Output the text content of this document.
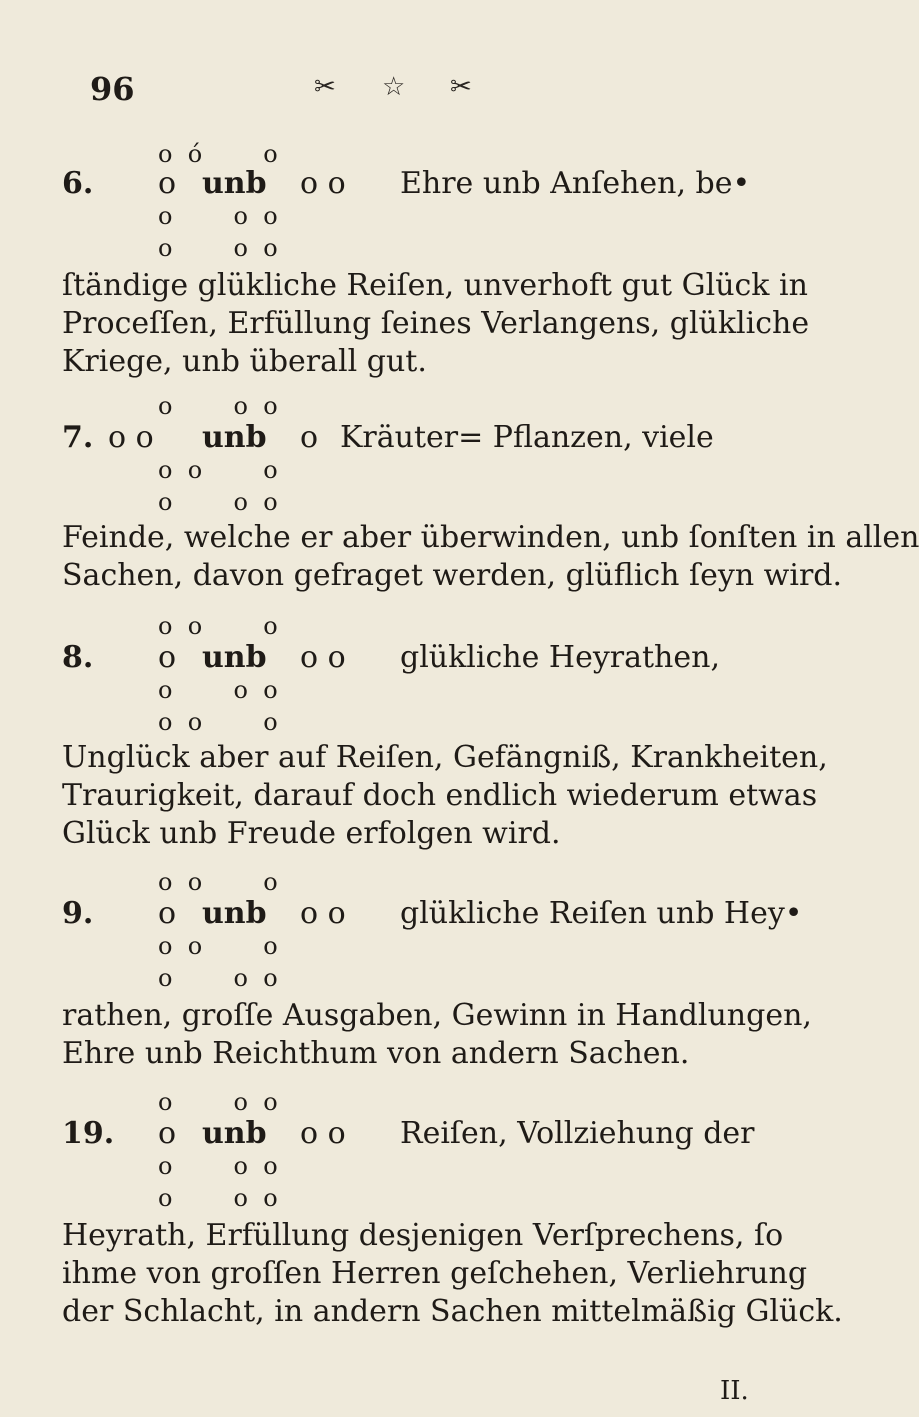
96	✂ ☆ ✂
o  ó        o
6. o unb o o Ehre unb Anſehen, be•
o        o  o
o        o  o
ſtändige glükliche Reiſen, unverhoft gut Glück in
Proceſſen, Erfüllung ſeines Verlangens, glükliche
Kriege, unb überall gut.
o        o  o
7. o o unb o Kräuter= Pflanzen, viele
o  o        o
o        o  o
Feinde, welche er aber überwinden, unb ſonſten in allen
Sachen, davon gefraget werden, glüflich ſeyn wird.
o  o        o
8. o unb o o glükliche Heyrathen,
o        o  o
o  o        o
Unglück aber auf Reiſen, Gefängniß, Krankheiten,
Traurigkeit, darauf doch endlich wiederum etwas
Glück unb Freude erfolgen wird.
o  o        o
9. o unb o o glükliche Reiſen unb Hey•
o  o        o
o        o  o
rathen, groſſe Ausgaben, Gewinn in Handlungen,
Ehre unb Reichthum von andern Sachen.
o        o  o
19. o unb o o Reiſen, Vollziehung der
o        o  o
o        o  o
Heyrath, Erfüllung desjenigen Verſprechens, ſo
ihme von groſſen Herren geſchehen, Verliehrung
der Schlacht, in andern Sachen mittelmäßig Glück.
II.
